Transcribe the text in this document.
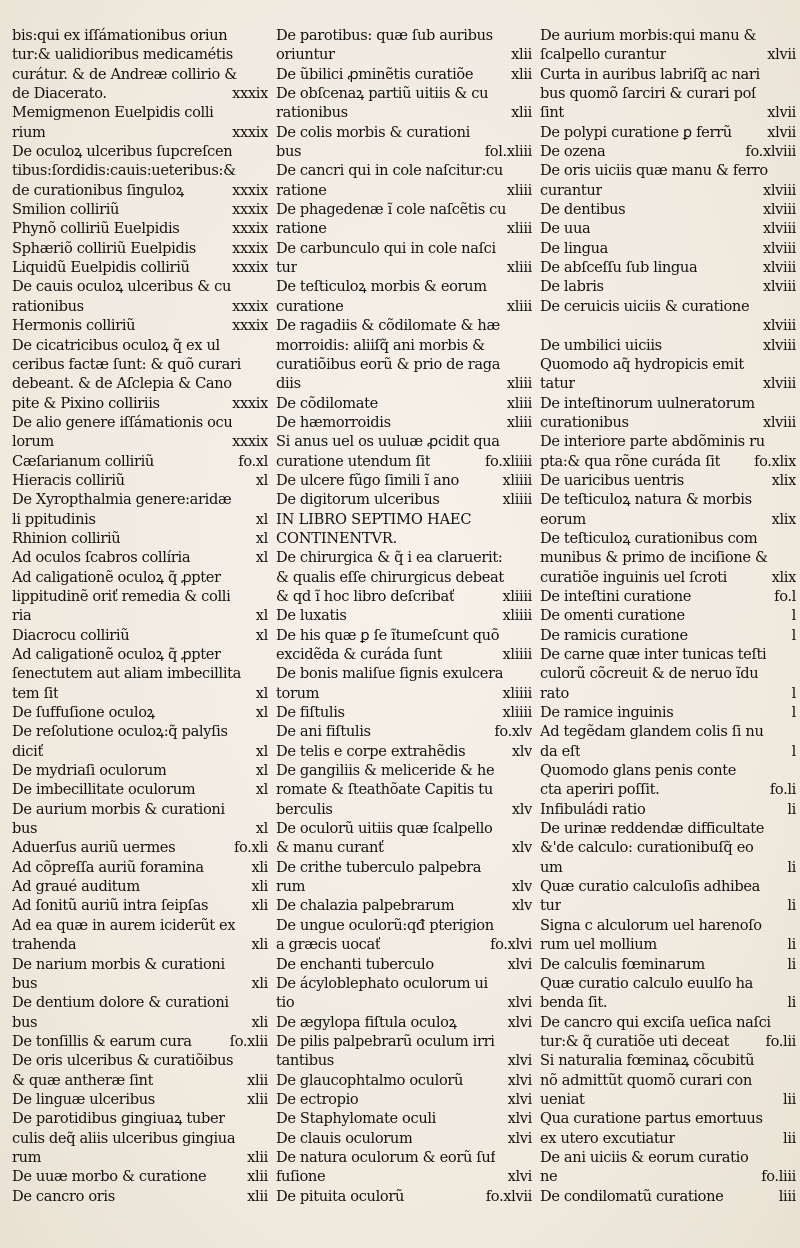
bis:qui ex iſſámationibus oriun
tur:& ualidioribus medicamétis
curátur. & de Andreæ collirio &
de Diacerato.	xxxix
Memigmenon Euelpidis colli
rium	xxxix
De oculoꝝ ulceribus ſupcreſcen
tibus:ſordidis:cauis:ueteribus:&
de curationibus ſinguloꝝ	xxxix
Smilion colliriũ	xxxix
Phynõ colliriũ Euelpidis	xxxix
Sphæriõ colliriũ Euelpidis xxxix
Liquidũ Euelpidis colliriũ	xxxix
De cauis oculoꝝ ulceribus & cu
rationibus	xxxix
Hermonis colliriũ	xxxix
De cicatricibus oculoꝝ q̃ ex ul
ceribus factæ ſunt: & quõ curari
debeant. & de Aſclepia & Cano
pite & Pixino colliriis	xxxix
De alio genere iſſámationis ocu
lorum	xxxix
Cæſarianum colliriũ	fo.xl
Hieracis colliriũ	xl
De Xyropthalmia genere:aridæ
li ppitudinis	xl
Rhinion colliriũ	xl
Ad oculos ſcabros collíria	xl
Ad caligationẽ oculoꝝ q̃ ꝓpter
lippitudinẽ oriť remedia & colli
ria	xl
Diacrocu colliriũ	xl
Ad caligationẽ oculoꝝ q̃ ꝓpter
ſenectutem aut aliam imbecillita
tem ſit	xl
De ſuffuſione oculoꝝ	xl
De reſolutione oculoꝝ:q̃ palyſis
diciť	xl
De mydriaſi oculorum	xl
De imbecillitate oculorum	xl
De aurium morbis & curationi
bus	xl
Aduerſus auriũ uermes	fo.xli
Ad cõpreſſa auriũ foramina	xli
Ad graué auditum	xli
Ad ſonitũ auriũ intra ſeipſas	xli
Ad ea quæ in aurem iciderũt ex
trahenda	xli
De narium morbis & curationi
bus	xli
De dentium dolore & curationi
bus	xli
De tonſillis & earum cura	ſo.xlii
De oris ulceribus & curatiõibus
& quæ antheræ ſint	xlii
De linguæ ulceribus	xlii
De parotidibus gingiuaꝝ tuber
culis deq̃ aliis ulceribus gingiua
rum	xlii
De uuæ morbo & curatione	xlii
De cancro oris	xlii
De parotibus: quæ ſub auribus
oriuntur	xlii
De ũbilici ꝓminẽtis curatiõe	xlii
De obſcenaꝝ partiũ uitiis & cu
rationibus	xlii
De colis morbis & curationi
bus	fol.xliii
De cancri qui in cole naſcitur:cu
ratione	xliii
De phagedenæ ĩ cole naſcẽtis cu
ratione	xliii
De carbunculo qui in cole naſci
tur	xliii
De teſticuloꝝ morbis & eorum
curatione	xliii
De ragadiis & cõdilomate & hæ
morroidis: aliiſq̃ ani morbis &
curatiõibus eorũ & prio de raga
diis	xliii
De cõdilomate	xliii
De hæmorroidis	xliii
Si anus uel os uuluæ ꝓcidit qua
curatione utendum ſit	fo.xliiii
De ulcere fũgo ſimili ĩ ano	xliiii
De digitorum ulceribus	xliiii
IN LIBRO SEPTIMO HAEC
CONTINENTVR.
De chirurgica & q̃ i ea claruerit:
& qualis eſſe chirurgicus debeat
& qd ĩ hoc libro deſcribať	xliiii
De luxatis	xliiii
De his quæ ꝑ ſe ĩtumeſcunt quõ
excidẽda & curáda ſunt	xliiii
De bonis maliſue ſignis exulcera
torum	xliiii
De fiſtulis	xliiii
De ani fiſtulis	fo.xlv
De telis e corpe extrahẽdis	xlv
De gangiliis & meliceride & he
romate & ſteathõate Capitis tu
berculis	xlv
De oculorũ uitiis quæ ſcalpello
& manu curanť	xlv
De crithe tuberculo palpebra
rum	xlv
De chalazia palpebrarum	xlv
De ungue oculorũ:qđ pterigion
a græcis uocať	fo.xlvi
De enchanti tuberculo	xlvi
De ácyloblephato oculorum ui
tio	xlvi
De ægylopa fiſtula oculoꝝ	xlvi
De pilis palpebrarũ oculum irri
tantibus	xlvi
De glaucophtalmo oculorũ	xlvi
De ectropio	xlvi
De Staphylomate oculi	xlvi
De clauis oculorum	xlvi
De natura oculorum & eorũ ſuf
fuſione	xlvi
De pituita oculorũ	fo.xlvii
De aurium morbis:qui manu &
ſcalpello curantur	xlvii
Curta in auribus labriſq̃ ac nari
bus quomõ ſarciri & curari poſ
ſint	xlvii
De polypi curatione ꝑ ferrũ xlvii
De ozena	fo.xlviii
De oris uiciis quæ manu & ferro
curantur	xlviii
De dentibus	xlviii
De uua	xlviii
De lingua	xlviii
De abſceſſu ſub lingua	xlviii
De labris	xlviii
De ceruicis uiciis & curatione
xlviii
De umbilici uiciis	xlviii
Quomodo aq̃ hydropicis emit
tatur	xlviii
De inteſtinorum uulneratorum
curationibus	xlviii
De interiore parte abdõminis ru
pta:& qua rõne curáda ſit fo.xlix
De uaricibus uentris	xlix
De teſticuloꝝ natura & morbis
eorum	xlix
De teſticuloꝝ curationibus com
munibus & primo de inciſione &
curatiõe inguinis uel ſcroti	xlix
De inteſtini curatione	fo.l
De omenti curatione	l
De ramicis curatione	l
De carne quæ inter tunicas teſti
culorũ cõcreuit & de neruo ĩdu
rato	l
De ramice inguinis	l
Ad tegẽdam glandem colis ſi nu
da eſt	l
Quomodo glans penis conte
cta aperiri poſſit.	fo.li
Infibuládi ratio	li
De urinæ reddendæ difficultate
&'de calculo: curationibuſq̃ eo
um	li
Quæ curatio calculoſis adhibea
tur	li
Signa c alculorum uel harenoſo
rum uel mollium	li
De calculis fœminarum	li
Quæ curatio calculo euulſo ha
benda ſit.	li
De cancro qui exciſa ueſica naſci
tur:& q̃ curatiõe uti deceat fo.lii
Si naturalia fœminaꝝ cõcubitũ
nõ admittũt quomõ curari con
ueniat	lii
Qua curatione partus emortuus
ex utero excutiatur	lii
De ani uiciis & eorum curatio
ne	fo.liii
De condilomatũ curatione	liii
